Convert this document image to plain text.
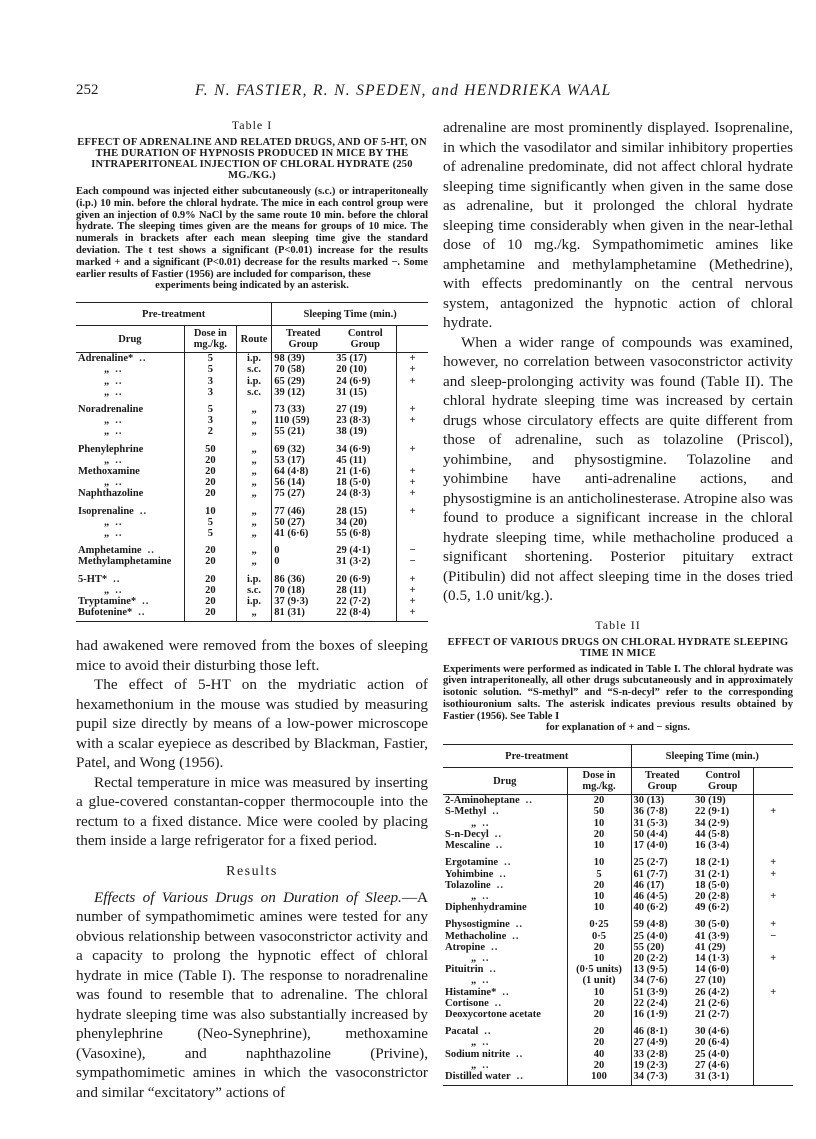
252	F. N. FASTIER, R. N. SPEDEN, and HENDRIEKA WAAL
Table I
EFFECT OF ADRENALINE AND RELATED DRUGS, AND OF 5-HT, ON THE DURATION OF HYPNOSIS PRODUCED IN MICE BY THE INTRAPERITONEAL INJECTION OF CHLORAL HYDRATE (250 MG./KG.)
Each compound was injected either subcutaneously (s.c.) or intraperitoneally (i.p.) 10 min. before the chloral hydrate. The mice in each control group were given an injection of 0.9% NaCl by the same route 10 min. before the chloral hydrate. The sleeping times given are the means for groups of 10 mice. The numerals in brackets after each mean sleeping time give the standard deviation. The t test shows a significant (P<0.01) increase for the results marked + and a significant (P<0.01) decrease for the results marked −. Some earlier results of Fastier (1956) are included for comparison, these
experiments being indicated by an asterisk.
Pre-treatment			Sleeping Time (min.)		
Drug	Dose in mg./kg.	Route	Treated Group	Control Group	
Adrenaline* ..	5	i.p.	98 (39)	35 (17)	+
„ ..	5	s.c.	70 (58)	20 (10)	+
„ ..	3	i.p.	65 (29)	24 (6·9)	+
„ ..	3	s.c.	39 (12)	31 (15)	
Noradrenaline	5	„	73 (33)	27 (19)	+
„ ..	3	„	110 (59)	23 (8·3)	+
„ ..	2	„	55 (21)	38 (19)	
Phenylephrine	50	„	69 (32)	34 (6·9)	+
„ ..	20	„	53 (17)	45 (11)	
Methoxamine	20	„	64 (4·8)	21 (1·6)	+
„ ..	20	„	56 (14)	18 (5·0)	+
Naphthazoline	20	„	75 (27)	24 (8·3)	+
Isoprenaline ..	10	„	77 (46)	28 (15)	+
„ ..	5	„	50 (27)	34 (20)	
„ ..	5	„	41 (6·6)	55 (6·8)	
Amphetamine ..	20	„	0	29 (4·1)	−
Methylamphetamine	20	„	0	31 (3·2)	−
5-HT* ..	20	i.p.	86 (36)	20 (6·9)	+
„ ..	20	s.c.	70 (18)	28 (11)	+
Tryptamine* ..	20	i.p.	37 (9·3)	22 (7·2)	+
Bufotenine* ..	20	„	81 (31)	22 (8·4)	+

had awakened were removed from the boxes of sleeping mice to avoid their disturbing those left.

The effect of 5-HT on the mydriatic action of hexamethonium in the mouse was studied by measuring pupil size directly by means of a low-power microscope with a scalar eyepiece as described by Blackman, Fastier, Patel, and Wong (1956).

Rectal temperature in mice was measured by inserting a glue-covered constantan-copper thermocouple into the rectum to a fixed distance. Mice were cooled by placing them inside a large refrigerator for a fixed period.

Results

Effects of Various Drugs on Duration of Sleep.—A number of sympathomimetic amines were tested for any obvious relationship between vasoconstrictor activity and a capacity to prolong the hypnotic effect of chloral hydrate in mice (Table I). The response to noradrenaline was found to resemble that to adrenaline. The chloral hydrate sleeping time was also substantially increased by phenylephrine (Neo-Synephrine), methoxamine (Vasoxine), and naphthazoline (Privine), sympathomimetic amines in which the vasoconstrictor and similar “excitatory” actions of

adrenaline are most prominently displayed. Isoprenaline, in which the vasodilator and similar inhibitory properties of adrenaline predominate, did not affect chloral hydrate sleeping time significantly when given in the same dose as adrenaline, but it prolonged the chloral hydrate sleeping time considerably when given in the near-lethal dose of 10 mg./kg. Sympathomimetic amines like amphetamine and methylamphetamine (Methedrine), with effects predominantly on the central nervous system, antagonized the hypnotic action of chloral hydrate.

When a wider range of compounds was examined, however, no correlation between vasoconstrictor activity and sleep-prolonging activity was found (Table II). The chloral hydrate sleeping time was increased by certain drugs whose circulatory effects are quite different from those of adrenaline, such as tolazoline (Priscol), yohimbine, and physostigmine. Tolazoline and yohimbine have anti-adrenaline actions, and physostigmine is an anticholinesterase. Atropine also was found to produce a significant increase in the chloral hydrate sleeping time, while methacholine produced a significant shortening. Posterior pituitary extract (Pitibulin) did not affect sleeping time in the doses tried (0.5, 1.0 unit/kg.).

Table II
EFFECT OF VARIOUS DRUGS ON CHLORAL HYDRATE SLEEPING TIME IN MICE
Experiments were performed as indicated in Table I. The chloral hydrate was given intraperitoneally, all other drugs subcutaneously and in approximately isotonic solution. “S-methyl” and “S-n-decyl” refer to the corresponding isothiouronium salts. The asterisk indicates previous results obtained by Fastier (1956). See Table I
for explanation of + and − signs.
Pre-treatment		Sleeping Time (min.)		
Drug	Dose in mg./kg.	Treated Group	Control Group	
2-Aminoheptane ..	20	30 (13)	30 (19)	
S-Methyl ..	50	36 (7·8)	22 (9·1)	+
„ ..	10	31 (5·3)	34 (2·9)	
S-n-Decyl ..	20	50 (4·4)	44 (5·8)	
Mescaline ..	10	17 (4·0)	16 (3·4)	
Ergotamine ..	10	25 (2·7)	18 (2·1)	+
Yohimbine ..	5	61 (7·7)	31 (2·1)	+
Tolazoline ..	20	46 (17)	18 (5·0)	
„ ..	10	46 (4·5)	20 (2·8)	+
Diphenhydramine	10	40 (6·2)	49 (6·2)	
Physostigmine ..	0·25	59 (4·8)	30 (5·0)	+
Methacholine ..	0·5	25 (4·0)	41 (3·9)	−
Atropine ..	20	55 (20)	41 (29)	
„ ..	10	20 (2·2)	14 (1·3)	+
Pituitrin ..	(0·5 units)	13 (9·5)	14 (6·0)	
„ ..	(1 unit)	34 (7·6)	27 (10)	
Histamine* ..	10	51 (3·9)	26 (4·2)	+
Cortisone ..	20	22 (2·4)	21 (2·6)	
Deoxycortone acetate	20	16 (1·9)	21 (2·7)	
Pacatal ..	20	46 (8·1)	30 (4·6)	
„ ..	20	27 (4·9)	20 (6·4)	
Sodium nitrite ..	40	33 (2·8)	25 (4·0)	
„ ..	20	19 (2·3)	27 (4·6)	
Distilled water ..	100	34 (7·3)	31 (3·1)	
